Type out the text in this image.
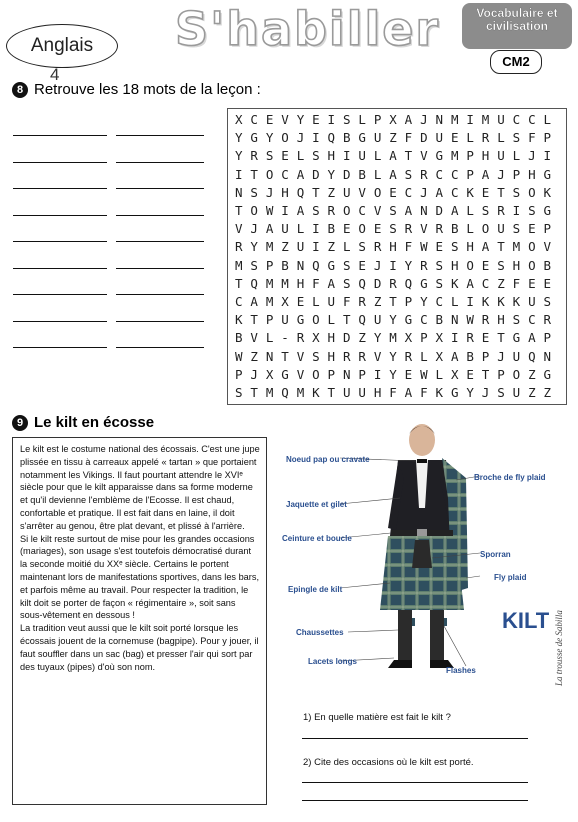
Anglais
4
S'habiller	Vocabulaire et civilisation
CM2
8 Retrouve les 18 mots de la leçon :
XCEVYEISLPXAJNMIMUCCL
YGYOJIQBGUZFDUELRLSFP
YRSELSHIULATVGMPHULJI
ITOCADYDBLASRCCPAJPHG
NSJHQTZUVOECJACKETSOK
TOWIASROCVSANDALSRISG
VJAULIBEOESRVRBLOUSEP
RYMZUIZLSRHFWESHATMOV
MSPBNQGSEJIYRSHOESHOB
TQMMHFASQDRQGSKACZFEE
CAMXELUFRZTPYCLIKKKUS
KTPUGOLTQUYGCBNWRHSCR
BVL-RXHDZYMXPXIRETGAP
WZNTVSHRRVYRLXABPJUQN
PJXGVOPNPIYEWLXETPOZG
STMQMKTUUHFAFKGYJSUZZ
9 Le kilt en écosse
Le kilt est le costume national des écossais. C'est une jupe plissée en tissu à carreaux appelé « tartan » que portaient notamment les Vikings. Il faut pourtant attendre le XVIᵉ siècle pour que le kilt apparaisse dans sa forme moderne et qu'il devienne l'emblème de l'Ecosse. Il est chaud, confortable et pratique. Il est fait dans en laine, il doit s'arrêter au genou, être plat devant, et plissé à l'arrière.
Si le kilt reste surtout de mise pour les grandes occasions (mariages), son usage s'est toutefois démocratisé durant la seconde moitié du XXᵉ siècle. Certains le portent maintenant lors de manifestations sportives, dans les bars, et parfois même au travail. Pour respecter la tradition, le kilt doit se porter de façon « régimentaire », soit sans sous-vêtement en dessous !
La tradition veut aussi que le kilt soit porté lorsque les écossais jouent de la cornemuse (bagpipe). Pour y jouer, il faut souffler dans un sac (bag) et presser l'air qui sort par des tuyaux (pipes) d'où son nom.
Noeud pap ou cravate
Jaquette et gilet
Ceinture et boucle
Epingle de kilt
Chaussettes
Lacets longs
Broche de fly plaid
Sporran
Fly plaid
Flashes
KILT La trousse de Sabilla
1) En quelle matière est fait le kilt ?
2) Cite des occasions où le kilt est porté.
